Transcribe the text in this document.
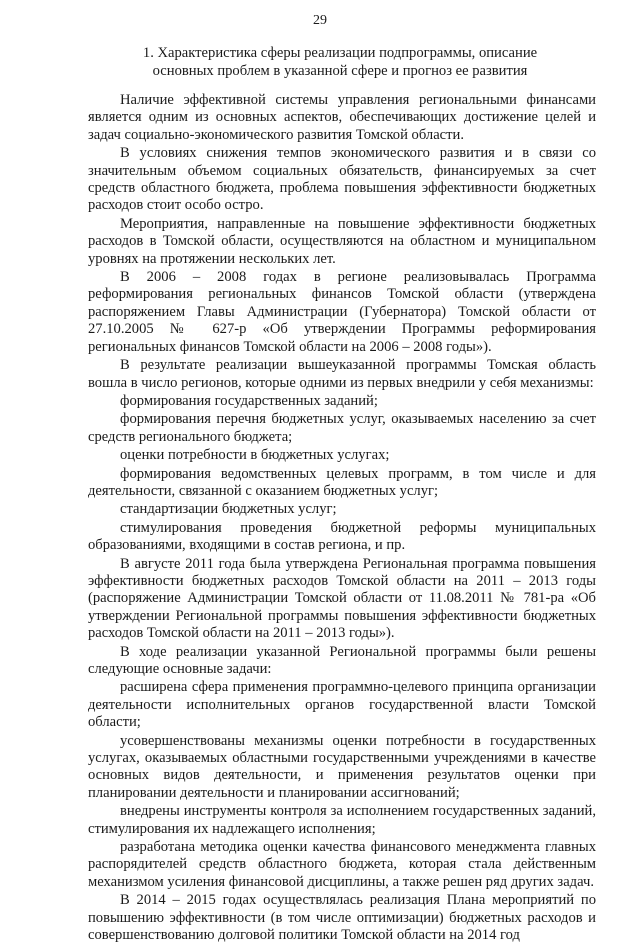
29
1. Характеристика сферы реализации подпрограммы, описание
основных проблем в указанной сфере и прогноз ее развития

Наличие эффективной системы управления региональными финансами является одним из основных аспектов, обеспечивающих достижение целей и задач социально-экономического развития Томской области.

В условиях снижения темпов экономического развития и в связи со значительным объемом социальных обязательств, финансируемых за счет средств областного бюджета, проблема повышения эффективности бюджетных расходов стоит особо остро.

Мероприятия, направленные на повышение эффективности бюджетных расходов в Томской области, осуществляются на областном и муниципальном уровнях на протяжении нескольких лет.

В 2006 – 2008 годах в регионе реализовывалась Программа реформирования региональных финансов Томской области (утверждена распоряжением Главы Администрации (Губернатора) Томской области от 27.10.2005 № 627-р «Об утверждении Программы реформирования региональных финансов Томской области на 2006 – 2008 годы»).

В результате реализации вышеуказанной программы Томская область вошла в число регионов, которые одними из первых внедрили у себя механизмы:

формирования государственных заданий;

формирования перечня бюджетных услуг, оказываемых населению за счет средств регионального бюджета;

оценки потребности в бюджетных услугах;

формирования ведомственных целевых программ, в том числе и для деятельности, связанной с оказанием бюджетных услуг;

стандартизации бюджетных услуг;

стимулирования проведения бюджетной реформы муниципальных образованиями, входящими в состав региона, и пр.

В августе 2011 года была утверждена Региональная программа повышения эффективности бюджетных расходов Томской области на 2011 – 2013 годы (распоряжение Администрации Томской области от 11.08.2011 № 781-ра «Об утверждении Региональной программы повышения эффективности бюджетных расходов Томской области на 2011 – 2013 годы»).

В ходе реализации указанной Региональной программы были решены следующие основные задачи:

расширена сфера применения программно-целевого принципа организации деятельности исполнительных органов государственной власти Томской области;

усовершенствованы механизмы оценки потребности в государственных услугах, оказываемых областными государственными учреждениями в качестве основных видов деятельности, и применения результатов оценки при планировании деятельности и планировании ассигнований;

внедрены инструменты контроля за исполнением государственных заданий, стимулирования их надлежащего исполнения;

разработана методика оценки качества финансового менеджмента главных распорядителей средств областного бюджета, которая стала действенным механизмом усиления финансовой дисциплины, а также решен ряд других задач.

В 2014 – 2015 годах осуществлялась реализация Плана мероприятий по повышению эффективности (в том числе оптимизации) бюджетных расходов и совершенствованию долговой политики Томской области на 2014 год
